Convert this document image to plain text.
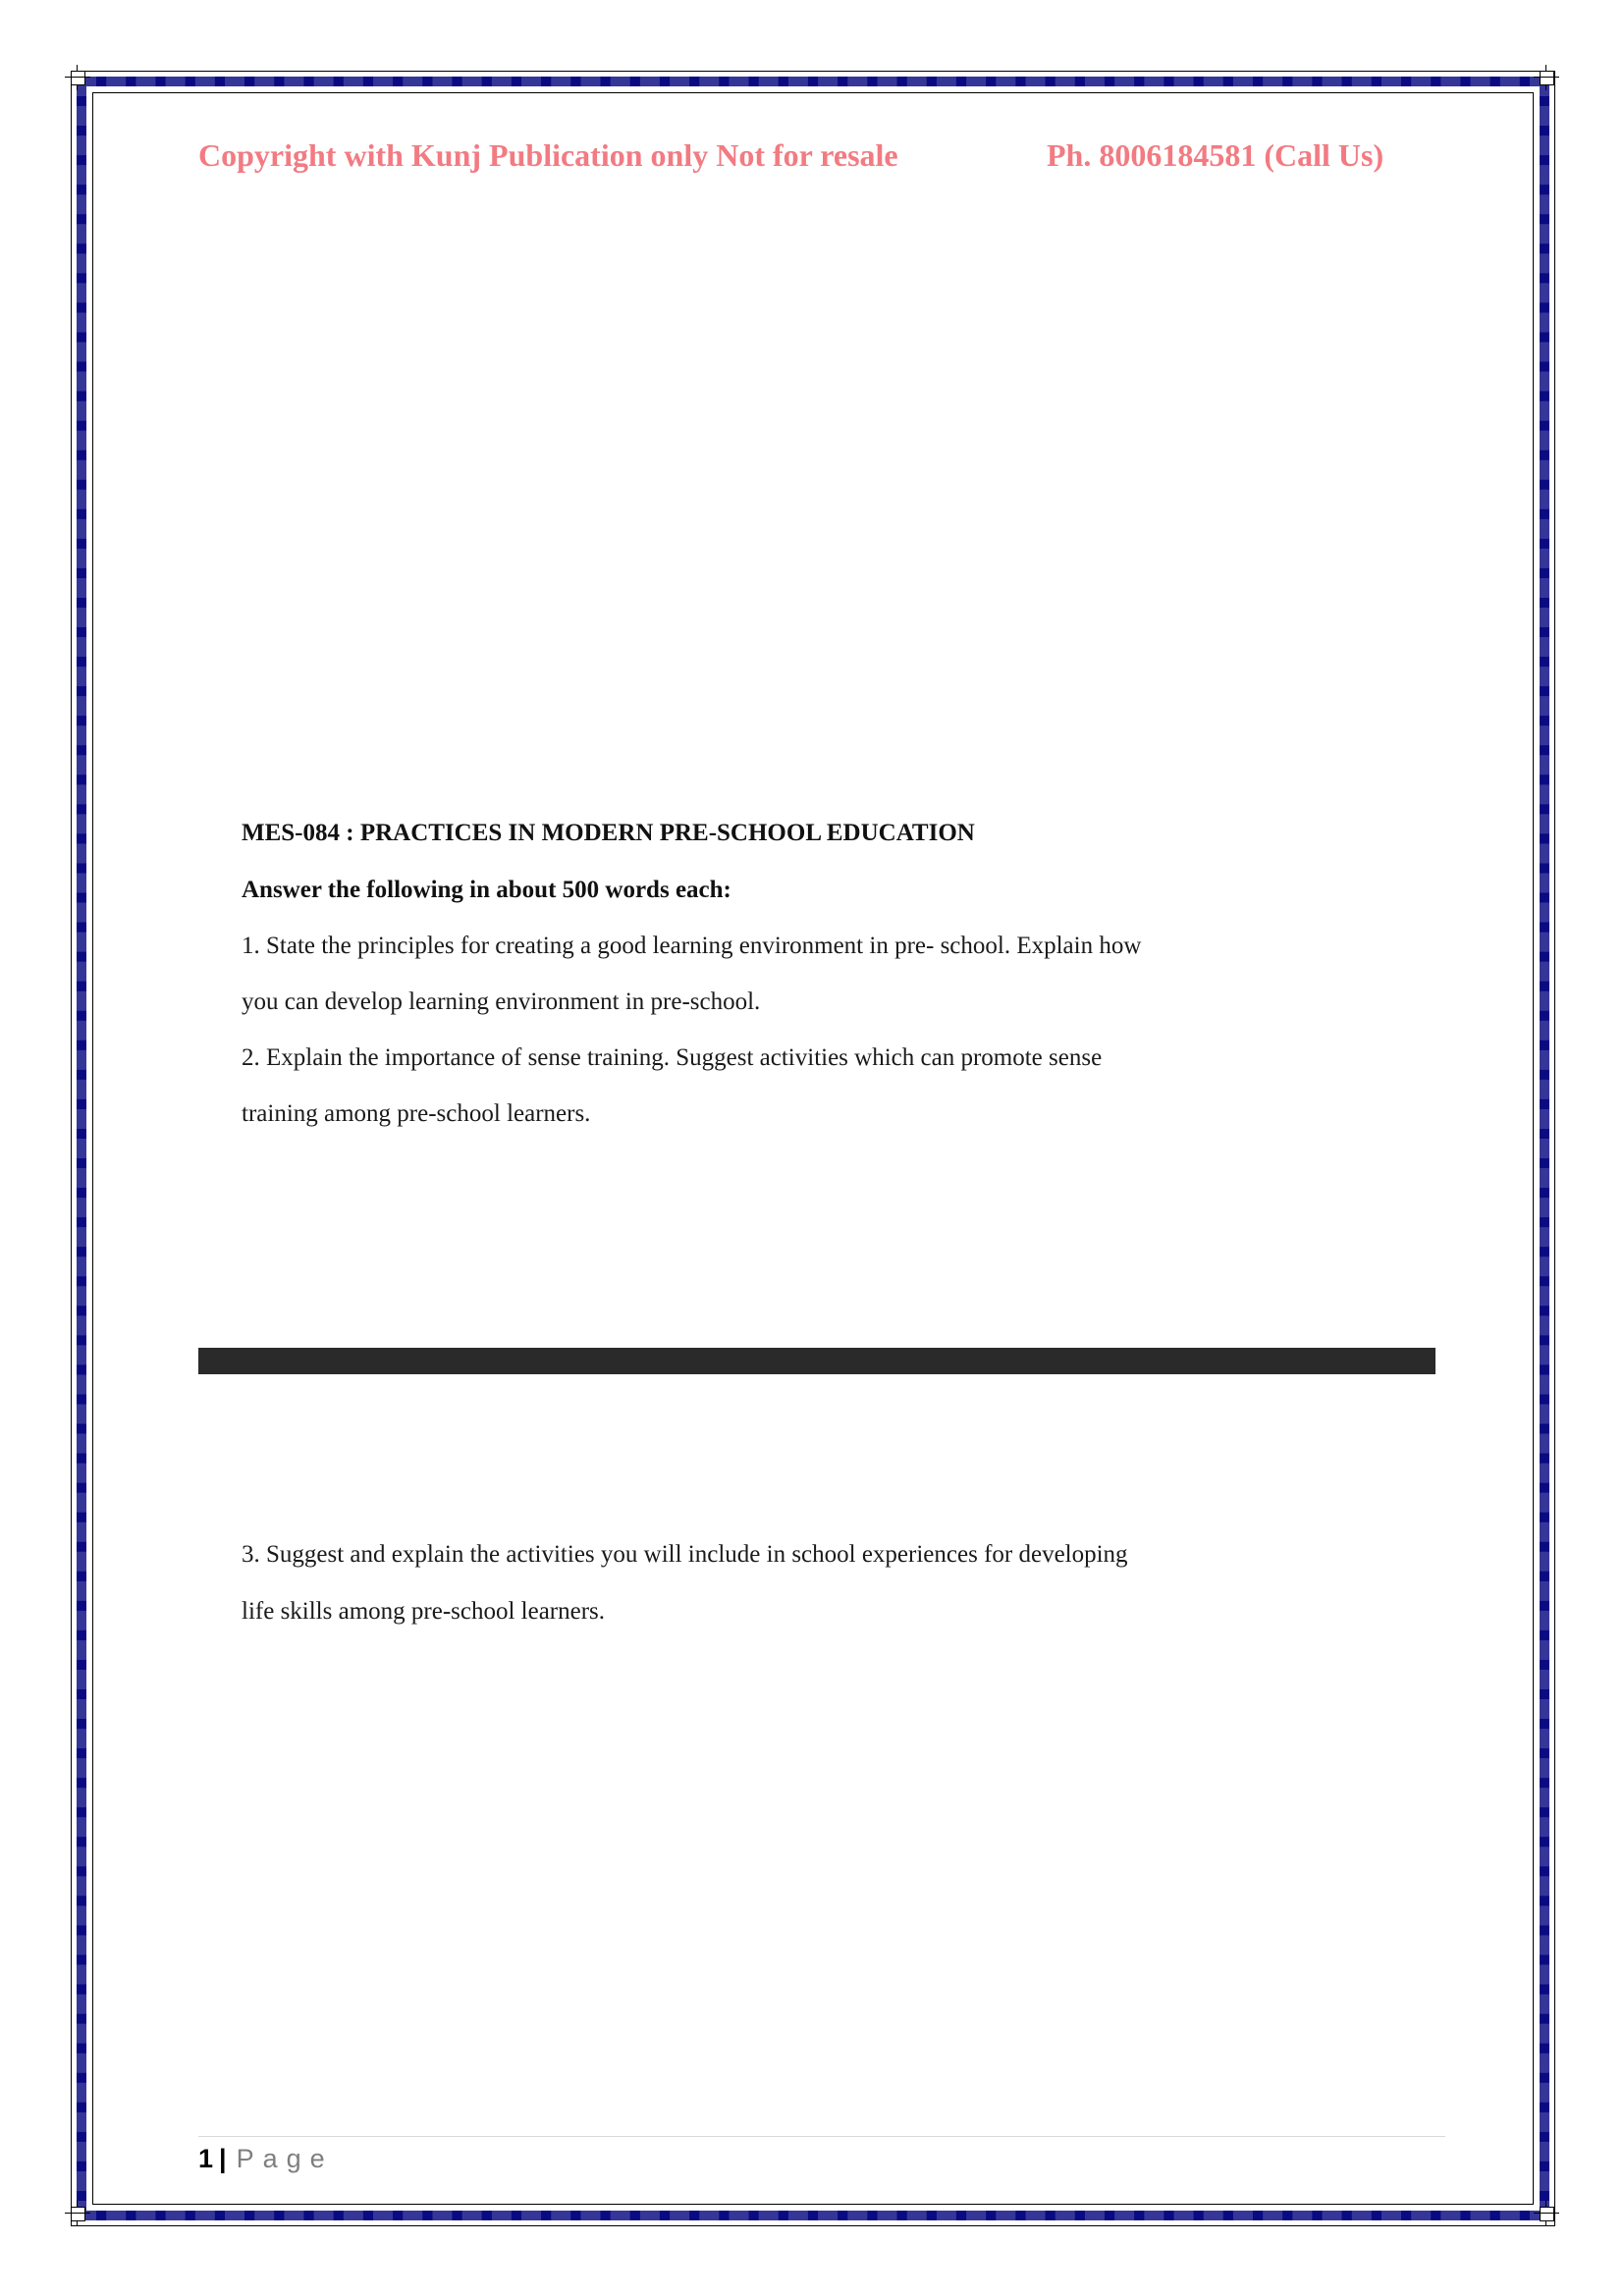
Copyright with Kunj Publication only Not for resale	Ph. 8006184581 (Call Us)
MES-084 : PRACTICES IN MODERN PRE-SCHOOL EDUCATION
Answer the following in about 500 words each:
1. State the principles for creating a good learning environment in pre- school. Explain how
you can develop learning environment in pre-school.
2. Explain the importance of sense training. Suggest activities which can promote sense
training among pre-school learners.
3. Suggest and explain the activities you will include in school experiences for developing
life skills among pre-school learners.
1 | Page
